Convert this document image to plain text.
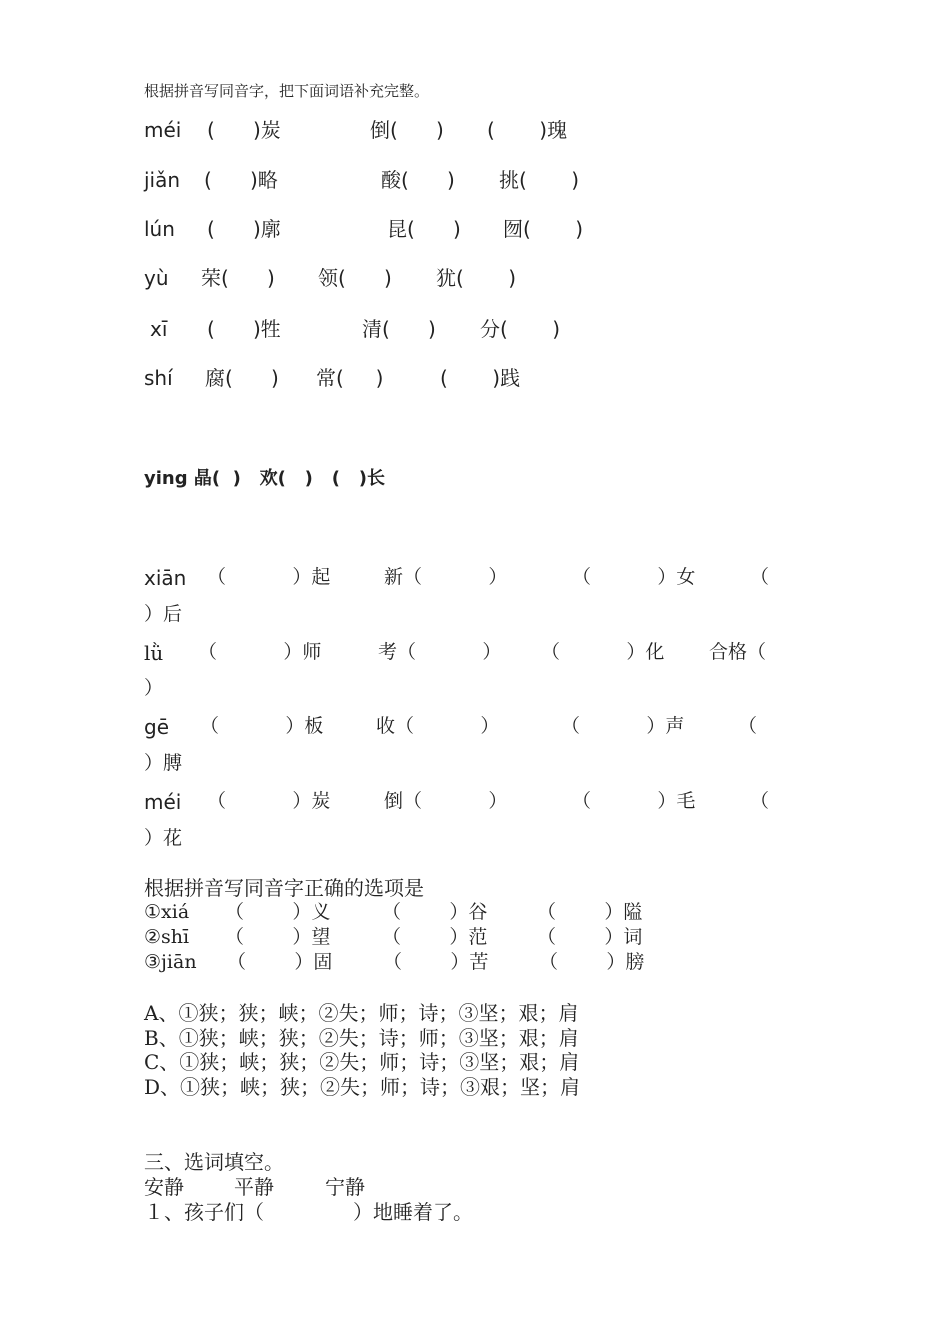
根据拼音写同音字，把下面词语补充完整。
méi (      )炭	倒(      ) (       )瑰
jiǎn (      )略	酸(      ) 挑(       )
lún (      )廓	昆(      ) 囫(       )
yù 荣(      ) 领(      ) 犹(       )
xī (      )牲	清(      ) 分(       )
shí 腐(      ) 常(     )	(       )践
ying 晶(  )   欢(   )   (   )长
xiān （           ）起	新（           ）	（           ）女	（
）后
lǜ （           ）师	考（           ） （           ）化 合格（
）
gē （           ）板	收（           ）	（           ）声	（
）膊
méi （           ）炭	倒（           ）	（           ）毛	（
）花
根据拼音写同音字正确的选项是
①xiá （        ）义	（        ）谷	（        ）隘
②shī （        ）望	（        ）范	（        ）词
③jiān （        ）固	（        ）苦	（        ）膀
A、①狭；狭；峡；②失；师；诗；③坚；艰；肩
B、①狭；峡；狭；②失；诗；师；③坚；艰；肩
C、①狭；峡；狭；②失；师；诗；③坚；艰；肩
D、①狭；峡；狭；②失；师；诗；③艰；坚；肩
三、选词填空。
安静	平静	宁静
１、孩子们（              ）地睡着了。
